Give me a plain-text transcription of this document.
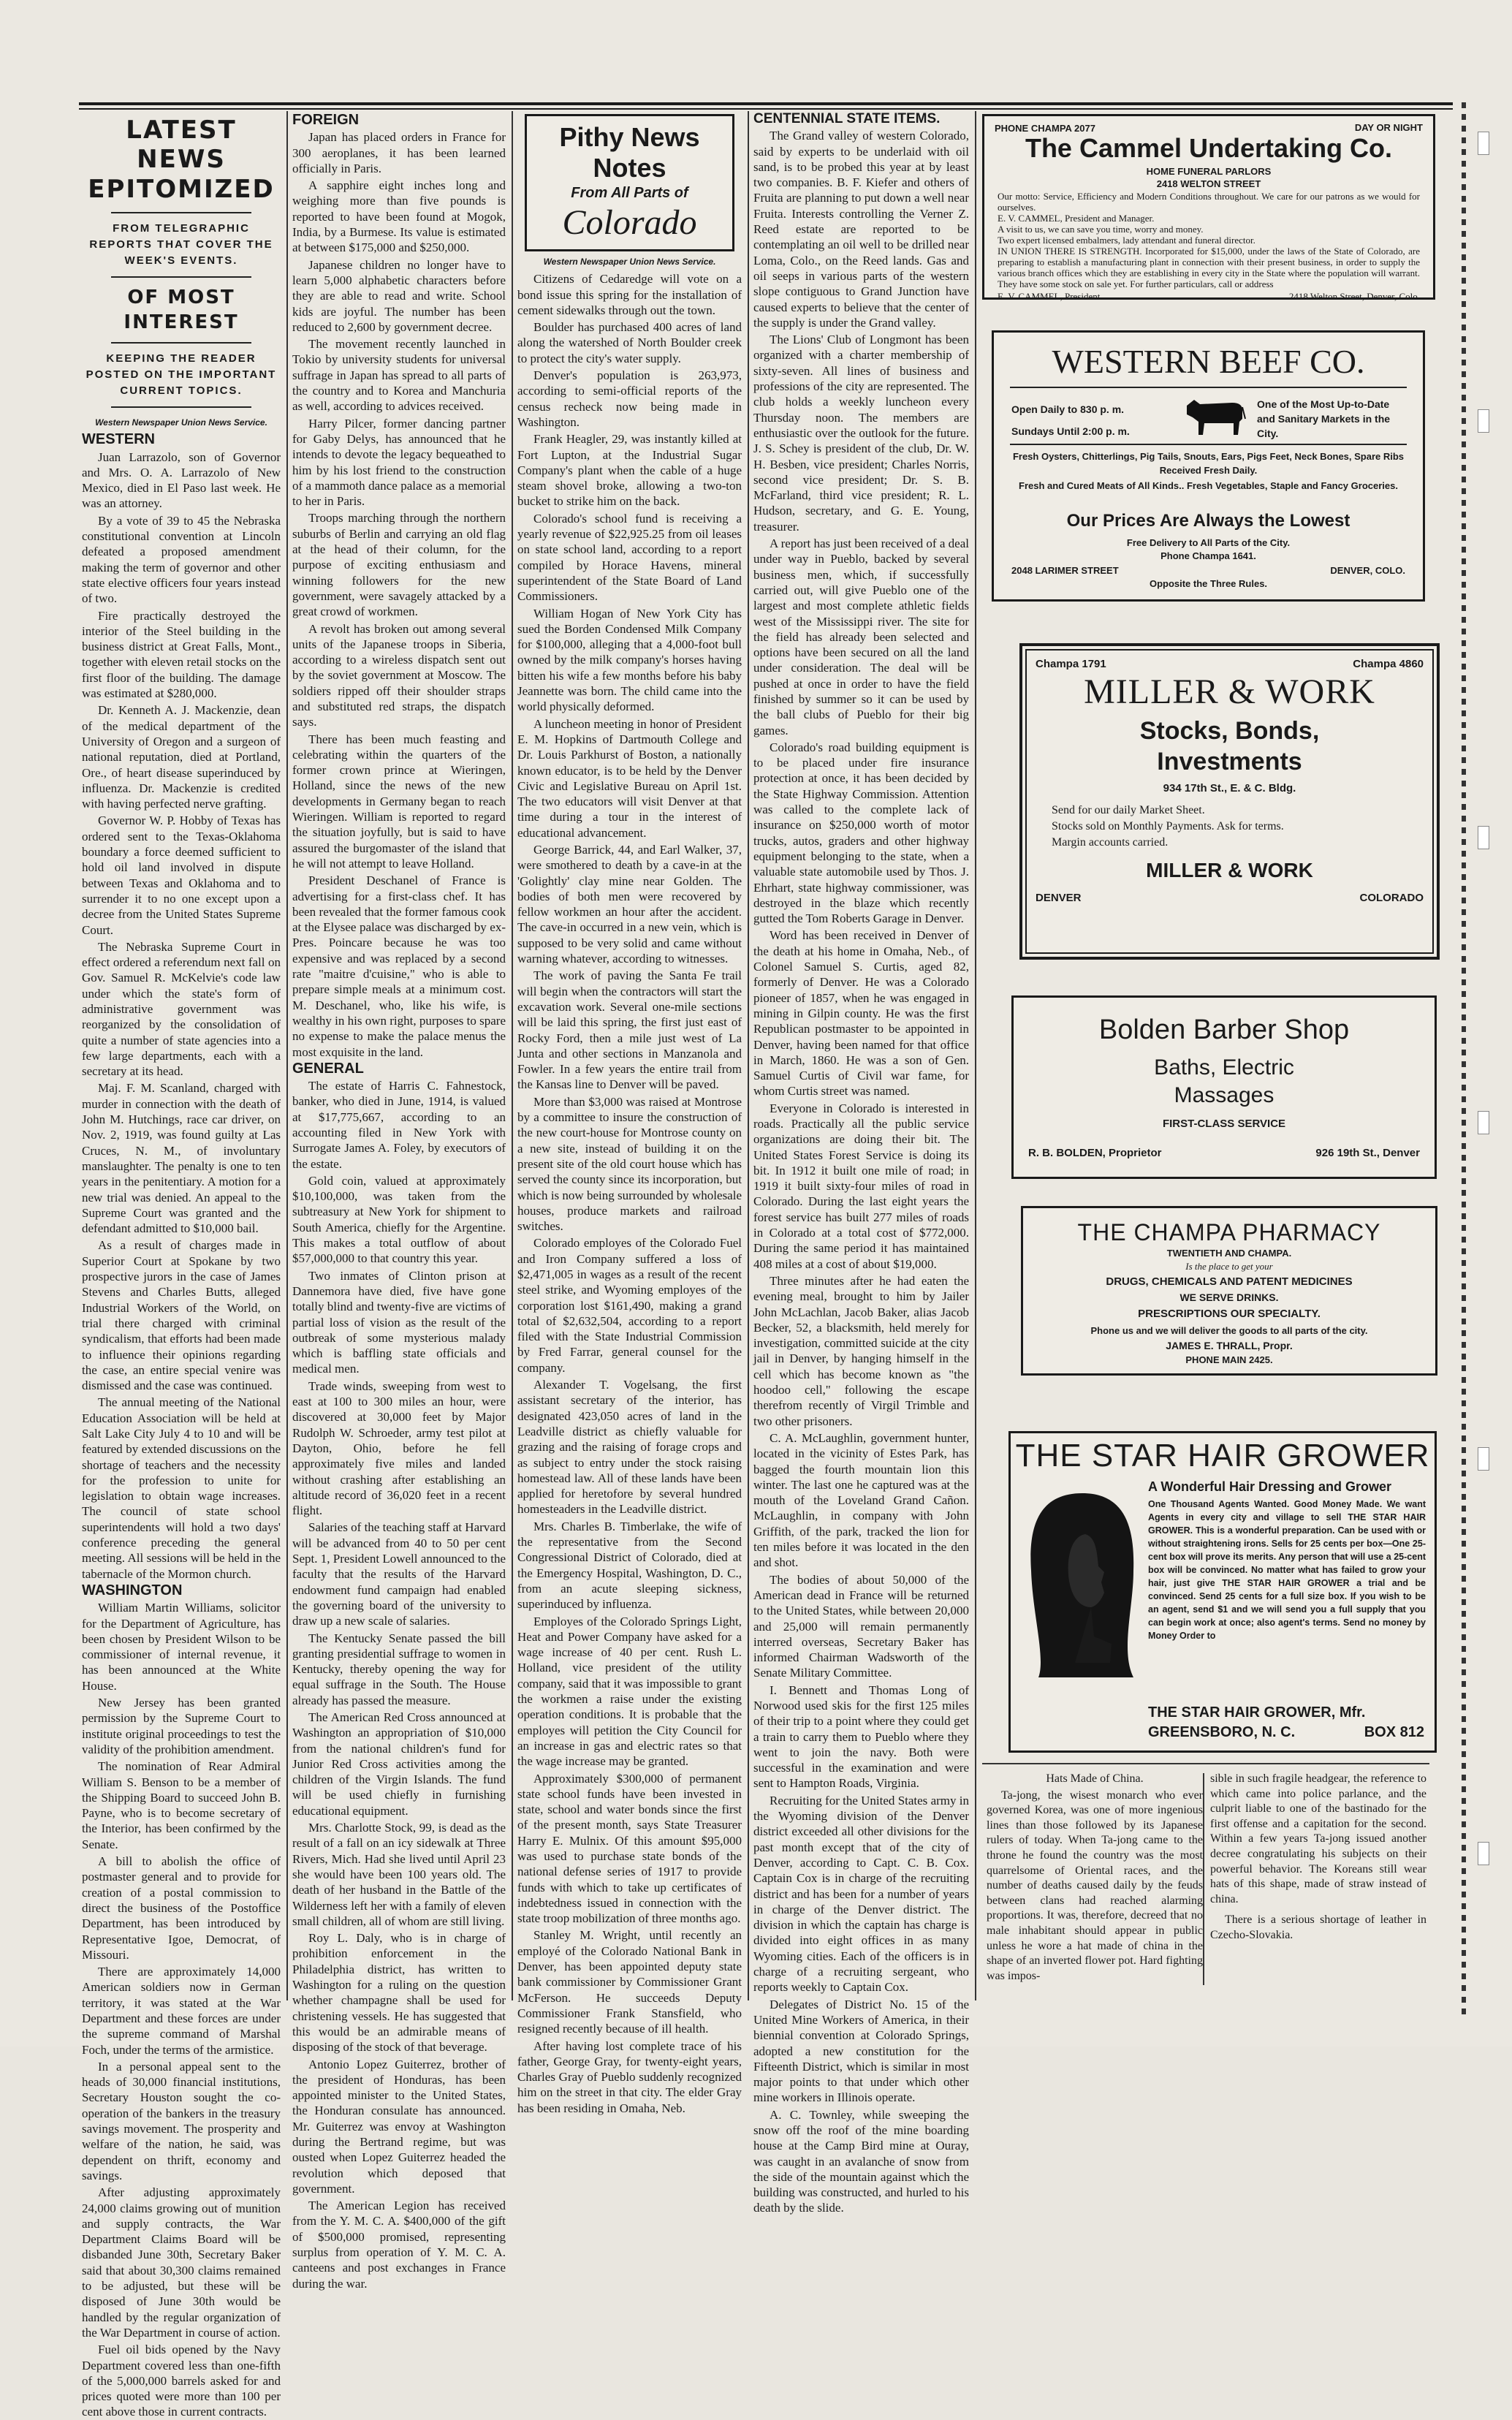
LATEST NEWS
EPITOMIZED
FROM TELEGRAPHIC REPORTS THAT COVER THE WEEK'S EVENTS.
OF MOST INTEREST
KEEPING THE READER POSTED ON THE IMPORTANT CURRENT TOPICS.

Western Newspaper Union News Service.

WESTERN

Juan Larrazolo, son of Governor and Mrs. O. A. Larrazolo of New Mexico, died in El Paso last week. He was an attorney.

By a vote of 39 to 45 the Nebraska constitutional convention at Lincoln defeated a proposed amendment making the term of governor and other state elective officers four years instead of two.

Fire practically destroyed the interior of the Steel building in the business district at Great Falls, Mont., together with eleven retail stocks on the first floor of the building. The damage was estimated at $280,000.

Dr. Kenneth A. J. Mackenzie, dean of the medical department of the University of Oregon and a surgeon of national reputation, died at Portland, Ore., of heart disease superinduced by influenza. Dr. Mackenzie is credited with having perfected nerve grafting.

Governor W. P. Hobby of Texas has ordered sent to the Texas-Oklahoma boundary a force deemed sufficient to hold oil land involved in dispute between Texas and Oklahoma and to surrender it to no one except upon a decree from the United States Supreme Court.

The Nebraska Supreme Court in effect ordered a referendum next fall on Gov. Samuel R. McKelvie's code law under which the state's form of administrative government was reorganized by the consolidation of quite a number of state agencies into a few large departments, each with a secretary at its head.

Maj. F. M. Scanland, charged with murder in connection with the death of John M. Hutchings, race car driver, on Nov. 2, 1919, was found guilty at Las Cruces, N. M., of involuntary manslaughter. The penalty is one to ten years in the penitentiary. A motion for a new trial was denied. An appeal to the Supreme Court was granted and the defendant admitted to $10,000 bail.

As a result of charges made in Superior Court at Spokane by two prospective jurors in the case of James Stevens and Charles Butts, alleged Industrial Workers of the World, on trial there charged with criminal syndicalism, that efforts had been made to influence their opinions regarding the case, an entire special venire was dismissed and the case was continued.

The annual meeting of the National Education Association will be held at Salt Lake City July 4 to 10 and will be featured by extended discussions on the shortage of teachers and the necessity for the profession to unite for legislation to obtain wage increases. The council of state school superintendents will hold a two days' conference preceding the general meeting. All sessions will be held in the tabernacle of the Mormon church.

WASHINGTON

William Martin Williams, solicitor for the Department of Agriculture, has been chosen by President Wilson to be commissioner of internal revenue, it has been announced at the White House.

New Jersey has been granted permission by the Supreme Court to institute original proceedings to test the validity of the prohibition amendment.

The nomination of Rear Admiral William S. Benson to be a member of the Shipping Board to succeed John B. Payne, who is to become secretary of the Interior, has been confirmed by the Senate.

A bill to abolish the office of postmaster general and to provide for creation of a postal commission to direct the business of the Postoffice Department, has been introduced by Representative Igoe, Democrat, of Missouri.

There are approximately 14,000 American soldiers now in German territory, it was stated at the War Department and these forces are under the supreme command of Marshal Foch, under the terms of the armistice.

In a personal appeal sent to the heads of 30,000 financial institutions, Secretary Houston sought the co-operation of the bankers in the treasury savings movement. The prosperity and welfare of the nation, he said, was dependent on thrift, economy and savings.

After adjusting approximately 24,000 claims growing out of munition and supply contracts, the War Department Claims Board will be disbanded June 30th, Secretary Baker said that about 30,300 claims remained to be adjusted, but these will be disposed of June 30th would be handled by the regular organization of the War Department in course of action.

Fuel oil bids opened by the Navy Department covered less than one-fifth of the 5,000,000 barrels asked for and prices quoted were more than 100 per cent above those in current contracts.

FOREIGN

Japan has placed orders in France for 300 aeroplanes, it has been learned officially in Paris.

A sapphire eight inches long and weighing more than five pounds is reported to have been found at Mogok, India, by a Burmese. Its value is estimated at between $175,000 and $250,000.

Japanese children no longer have to learn 5,000 alphabetic characters before they are able to read and write. School kids are joyful. The number has been reduced to 2,600 by government decree.

The movement recently launched in Tokio by university students for universal suffrage in Japan has spread to all parts of the country and to Korea and Manchuria as well, according to advices received.

Harry Pilcer, former dancing partner for Gaby Delys, has announced that he intends to devote the legacy bequeathed to him by his lost friend to the construction of a mammoth dance palace as a memorial to her in Paris.

Troops marching through the northern suburbs of Berlin and carrying an old flag at the head of their column, for the purpose of exciting enthusiasm and winning followers for the new government, were savagely attacked by a great crowd of workmen.

A revolt has broken out among several units of the Japanese troops in Siberia, according to a wireless dispatch sent out by the soviet government at Moscow. The soldiers ripped off their shoulder straps and substituted red straps, the dispatch says.

There has been much feasting and celebrating within the quarters of the former crown prince at Wieringen, Holland, since the news of the new developments in Germany began to reach Wieringen. William is reported to regard the situation joyfully, but is said to have assured the burgomaster of the island that he will not attempt to leave Holland.

President Deschanel of France is advertising for a first-class chef. It has been revealed that the former famous cook at the Elysee palace was discharged by ex-Pres. Poincare because he was too expensive and was replaced by a second rate "maitre d'cuisine," who is able to prepare simple meals at a minimum cost. M. Deschanel, who, like his wife, is wealthy in his own right, purposes to spare no expense to make the palace menus the most exquisite in the land.

GENERAL

The estate of Harris C. Fahnestock, banker, who died in June, 1914, is valued at $17,775,667, according to an accounting filed in New York with Surrogate James A. Foley, by executors of the estate.

Gold coin, valued at approximately $10,100,000, was taken from the subtreasury at New York for shipment to South America, chiefly for the Argentine. This makes a total outflow of about $57,000,000 to that country this year.

Two inmates of Clinton prison at Dannemora have died, five have gone totally blind and twenty-five are victims of partial loss of vision as the result of the outbreak of some mysterious malady which is baffling state officials and medical men.

Trade winds, sweeping from west to east at 100 to 300 miles an hour, were discovered at 30,000 feet by Major Rudolph W. Schroeder, army test pilot at Dayton, Ohio, before he fell approximately five miles and landed without crashing after establishing an altitude record of 36,020 feet in a recent flight.

Salaries of the teaching staff at Harvard will be advanced from 40 to 50 per cent Sept. 1, President Lowell announced to the faculty that the results of the Harvard endowment fund campaign had enabled the governing board of the university to draw up a new scale of salaries.

The Kentucky Senate passed the bill granting presidential suffrage to women in Kentucky, thereby opening the way for equal suffrage in the South. The House already has passed the measure.

The American Red Cross announced at Washington an appropriation of $10,000 from the national children's fund for Junior Red Cross activities among the children of the Virgin Islands. The fund will be used chiefly in furnishing educational equipment.

Mrs. Charlotte Stock, 99, is dead as the result of a fall on an icy sidewalk at Three Rivers, Mich. Had she lived until April 23 she would have been 100 years old. The death of her husband in the Battle of the Wilderness left her with a family of eleven small children, all of whom are still living.

Roy L. Daly, who is in charge of prohibition enforcement in the Philadelphia district, has written to Washington for a ruling on the question whether champagne shall be used for christening vessels. He has suggested that this would be an admirable means of disposing of the stock of that beverage.

Antonio Lopez Guiterrez, brother of the president of Honduras, has been appointed minister to the United States, the Honduran consulate has announced. Mr. Guiterrez was envoy at Washington during the Bertrand regime, but was ousted when Lopez Guiterrez headed the revolution which deposed that government.

The American Legion has received from the Y. M. C. A. $400,000 of the gift of $500,000 promised, representing surplus from operation of Y. M. C. A. canteens and post exchanges in France during the war.

Pithy News Notes
From All Parts of
Colorado

Western Newspaper Union News Service.

Citizens of Cedaredge will vote on a bond issue this spring for the installation of cement sidewalks through out the town.

Boulder has purchased 400 acres of land along the watershed of North Boulder creek to protect the city's water supply.

Denver's population is 263,973, according to semi-official reports of the census recheck now being made in Washington.

Frank Heagler, 29, was instantly killed at Fort Lupton, at the Industrial Sugar Company's plant when the cable of a huge steam shovel broke, allowing a two-ton bucket to strike him on the back.

Colorado's school fund is receiving a yearly revenue of $22,925.25 from oil leases on state school land, according to a report compiled by Horace Havens, mineral superintendent of the State Board of Land Commissioners.

William Hogan of New York City has sued the Borden Condensed Milk Company for $100,000, alleging that a 4,000-foot bull owned by the milk company's horses having bitten his wife a few months before his baby Jeannette was born. The child came into the world physically deformed.

A luncheon meeting in honor of President E. M. Hopkins of Dartmouth College and Dr. Louis Parkhurst of Boston, a nationally known educator, is to be held by the Denver Civic and Legislative Bureau on April 1st. The two educators will visit Denver at that time during a tour in the interest of educational advancement.

George Barrick, 44, and Earl Walker, 37, were smothered to death by a cave-in at the 'Golightly' clay mine near Golden. The bodies of both men were recovered by fellow workmen an hour after the accident. The cave-in occurred in a new vein, which is supposed to be very solid and came without warning whatever, according to witnesses.

The work of paving the Santa Fe trail will begin when the contractors will start the excavation work. Several one-mile sections will be laid this spring, the first just east of Rocky Ford, then a mile just west of La Junta and other sections in Manzanola and Fowler. In a few years the entire trail from the Kansas line to Denver will be paved.

More than $3,000 was raised at Montrose by a committee to insure the construction of the new court-house for Montrose county on a new site, instead of building it on the present site of the old court house which has served the county since its incorporation, but which is now being surrounded by wholesale houses, produce markets and railroad switches.

Colorado employes of the Colorado Fuel and Iron Company suffered a loss of $2,471,005 in wages as a result of the recent steel strike, and Wyoming employes of the corporation lost $161,490, making a grand total of $2,632,504, according to a report filed with the State Industrial Commission by Fred Farrar, general counsel for the company.

Alexander T. Vogelsang, the first assistant secretary of the interior, has designated 423,050 acres of land in the Leadville district as chiefly valuable for grazing and the raising of forage crops and as subject to entry under the stock raising homestead law. All of these lands have been applied for heretofore by several hundred homesteaders in the Leadville district.

Mrs. Charles B. Timberlake, the wife of the representative from the Second Congressional District of Colorado, died at the Emergency Hospital, Washington, D. C., from an acute sleeping sickness, superinduced by influenza.

Employes of the Colorado Springs Light, Heat and Power Company have asked for a wage increase of 40 per cent. Rush L. Holland, vice president of the utility company, said that it was impossible to grant the workmen a raise under the existing operation conditions. It is probable that the employes will petition the City Council for an increase in gas and electric rates so that the wage increase may be granted.

Approximately $300,000 of permanent state school funds have been invested in state, school and water bonds since the first of the present month, says State Treasurer Harry E. Mulnix. Of this amount $95,000 was used to purchase state bonds of the national defense series of 1917 to provide funds with which to take up certificates of indebtedness issued in connection with the state troop mobilization of three months ago.

Stanley M. Wright, until recently an employé of the Colorado National Bank in Denver, has been appointed deputy state bank commissioner by Commissioner Grant McFerson. He succeeds Deputy Commissioner Frank Stansfield, who resigned recently because of ill health.

After having lost complete trace of his father, George Gray, for twenty-eight years, Charles Gray of Pueblo suddenly recognized him on the street in that city. The elder Gray has been residing in Omaha, Neb.

CENTENNIAL STATE ITEMS.

The Grand valley of western Colorado, said by experts to be underlaid with oil sand, is to be probed this year at by least two companies. B. F. Kiefer and others of Fruita are planning to put down a well near Fruita. Interests controlling the Verner Z. Reed estate are reported to be contemplating an oil well to be drilled near Loma, Colo., on the Reed lands. Gas and oil seeps in various parts of the western slope contiguous to Grand Junction have caused experts to believe that the center of the supply is under the Grand valley.

The Lions' Club of Longmont has been organized with a charter membership of sixty-seven. All lines of business and professions of the city are represented. The club holds a weekly luncheon every Thursday noon. The members are enthusiastic over the outlook for the future. J. S. Schey is president of the club, Dr. W. H. Besben, vice president; Charles Norris, second vice president; Dr. S. B. McFarland, third vice president; R. L. Hudson, secretary, and G. E. Young, treasurer.

A report has just been received of a deal under way in Pueblo, backed by several business men, which, if successfully carried out, will give Pueblo one of the largest and most complete athletic fields west of the Mississippi river. The site for the field has already been selected and options have been secured on all the land under consideration. The deal will be pushed at once in order to have the field finished by summer so it can be used by the ball clubs of Pueblo for their big games.

Colorado's road building equipment is to be placed under fire insurance protection at once, it has been decided by the State Highway Commission. Attention was called to the complete lack of insurance on $250,000 worth of motor trucks, autos, graders and other highway equipment belonging to the state, when a valuable state automobile used by Thos. J. Ehrhart, state highway commissioner, was destroyed in the blaze which recently gutted the Tom Roberts Garage in Denver.

Word has been received in Denver of the death at his home in Omaha, Neb., of Colonel Samuel S. Curtis, aged 82, formerly of Denver. He was a Colorado pioneer of 1857, when he was engaged in mining in Gilpin county. He was the first Republican postmaster to be appointed in Denver, having been named for that office in March, 1860. He was a son of Gen. Samuel Curtis of Civil war fame, for whom Curtis street was named.

Everyone in Colorado is interested in roads. Practically all the public service organizations are doing their bit. The United States Forest Service is doing its bit. In 1912 it built one mile of road; in 1919 it built sixty-four miles of road in Colorado. During the last eight years the forest service has built 277 miles of roads in Colorado at a total cost of $772,000. During the same period it has maintained 408 miles at a cost of about $19,000.

Three minutes after he had eaten the evening meal, brought to him by Jailer John McLachlan, Jacob Baker, alias Jacob Becker, 52, a blacksmith, held merely for investigation, committed suicide at the city jail in Denver, by hanging himself in the cell which has become known as "the hoodoo cell," following the escape therefrom recently of Virgil Trimble and two other prisoners.

C. A. McLaughlin, government hunter, located in the vicinity of Estes Park, has bagged the fourth mountain lion this winter. The last one he captured was at the mouth of the Loveland Grand Cañon. McLaughlin, in company with John Griffith, of the park, tracked the lion for ten miles before it was located in the den and shot.

The bodies of about 50,000 of the American dead in France will be returned to the United States, while between 20,000 and 25,000 will remain permanently interred overseas, Secretary Baker has informed Chairman Wadsworth of the Senate Military Committee.

I. Bennett and Thomas Long of Norwood used skis for the first 125 miles of their trip to a point where they could get a train to carry them to Pueblo where they went to join the navy. Both were successful in the examination and were sent to Hampton Roads, Virginia.

Recruiting for the United States army in the Wyoming division of the Denver district exceeded all other divisions for the past month except that of the city of Denver, according to Capt. C. B. Cox. Captain Cox is in charge of the recruiting district and has been for a number of years in charge of the Denver district. The division in which the captain has charge is divided into eight offices in as many Wyoming cities. Each of the officers is in charge of a recruiting sergeant, who reports weekly to Captain Cox.

Delegates of District No. 15 of the United Mine Workers of America, in their biennial convention at Colorado Springs, adopted a new constitution for the Fifteenth District, which is similar in most major points to that under which other mine workers in Illinois operate.

A. C. Townley, while sweeping the snow off the roof of the mine boarding house at the Camp Bird mine at Ouray, was caught in an avalanche of snow from the side of the mountain against which the building was constructed, and hurled to his death by the slide.

PHONE CHAMPA 2077	DAY OR NIGHT
The Cammel Undertaking Co.
HOME FUNERAL PARLORS
2418 WELTON STREET
Our motto: Service, Efficiency and Modern Conditions throughout. We care for our patrons as we would for ourselves.
E. V. CAMMEL, President and Manager.
A visit to us, we can save you time, worry and money.
Two expert licensed embalmers, lady attendant and funeral director.
IN UNION THERE IS STRENGTH. Incorporated for $15,000, under the laws of the State of Colorado, are preparing to establish a manufacturing plant in connection with their present business, in order to supply the various branch offices which they are establishing in every city in the State where the population will warrant. They have some stock on sale yet. For further particulars, call or address
E. V. CAMMEL, President.	2418 Welton Street, Denver, Colo.
WESTERN BEEF CO.
Open Daily to 830 p. m.
Sundays Until 2:00 p. m.
One of the Most Up-to-Date and Sanitary Markets in the City.
Fresh Oysters, Chitterlings, Pig Tails, Snouts, Ears, Pigs Feet, Neck Bones, Spare Ribs Received Fresh Daily.
Fresh and Cured Meats of All Kinds.. Fresh Vegetables, Staple and Fancy Groceries.
Our Prices Are Always the Lowest
Free Delivery to All Parts of the City.
Phone Champa 1641.
2048 LARIMER STREET	DENVER, COLO.
Opposite the Three Rules.
Champa 1791	Champa 4860
MILLER & WORK
Stocks, Bonds,
Investments
934 17th St., E. & C. Bldg.
Send for our daily Market Sheet.
Stocks sold on Monthly Payments. Ask for terms.
Margin accounts carried.
MILLER & WORK
DENVER	COLORADO
Bolden Barber Shop
Baths, Electric
Massages
FIRST-CLASS SERVICE
R. B. BOLDEN, Proprietor	926 19th St., Denver
THE CHAMPA PHARMACY
TWENTIETH AND CHAMPA.
Is the place to get your
DRUGS, CHEMICALS AND PATENT MEDICINES
WE SERVE DRINKS.
PRESCRIPTIONS OUR SPECIALTY.
Phone us and we will deliver the goods to all parts of the city.
JAMES E. THRALL, Propr.
PHONE MAIN 2425.
THE STAR HAIR GROWER
A Wonderful Hair Dressing and Grower
One Thousand Agents Wanted. Good Money Made. We want Agents in every city and village to sell THE STAR HAIR GROWER. This is a wonderful preparation. Can be used with or without straightening irons. Sells for 25 cents per box—One 25-cent box will prove its merits. Any person that will use a 25-cent box will be convinced. No matter what has failed to grow your hair, just give THE STAR HAIR GROWER a trial and be convinced. Send 25 cents for a full size box. If you wish to be an agent, send $1 and we will send you a full supply that you can begin work at once; also agent's terms. Send no money by Money Order to
THE STAR HAIR GROWER, Mfr.
GREENSBORO, N. C.	BOX 812
Hats Made of China.

Ta-jong, the wisest monarch who ever governed Korea, was one of more ingenious lines than those followed by its Japanese rulers of today. When Ta-jong came to the throne he found the country was the most quarrelsome of Oriental races, and the number of deaths caused daily by the feuds between clans had reached alarming proportions. It was, therefore, decreed that no male inhabitant should appear in public unless he wore a hat made of china in the shape of an inverted flower pot. Hard fighting was impos-

sible in such fragile headgear, the reference to which came into police parlance, and the culprit liable to one of the bastinado for the first offense and a capitation for the second. Within a few years Ta-jong issued another decree congratulating his subjects on their powerful behavior. The Koreans still wear hats of this shape, made of straw instead of china.

There is a serious shortage of leather in Czecho-Slovakia.
